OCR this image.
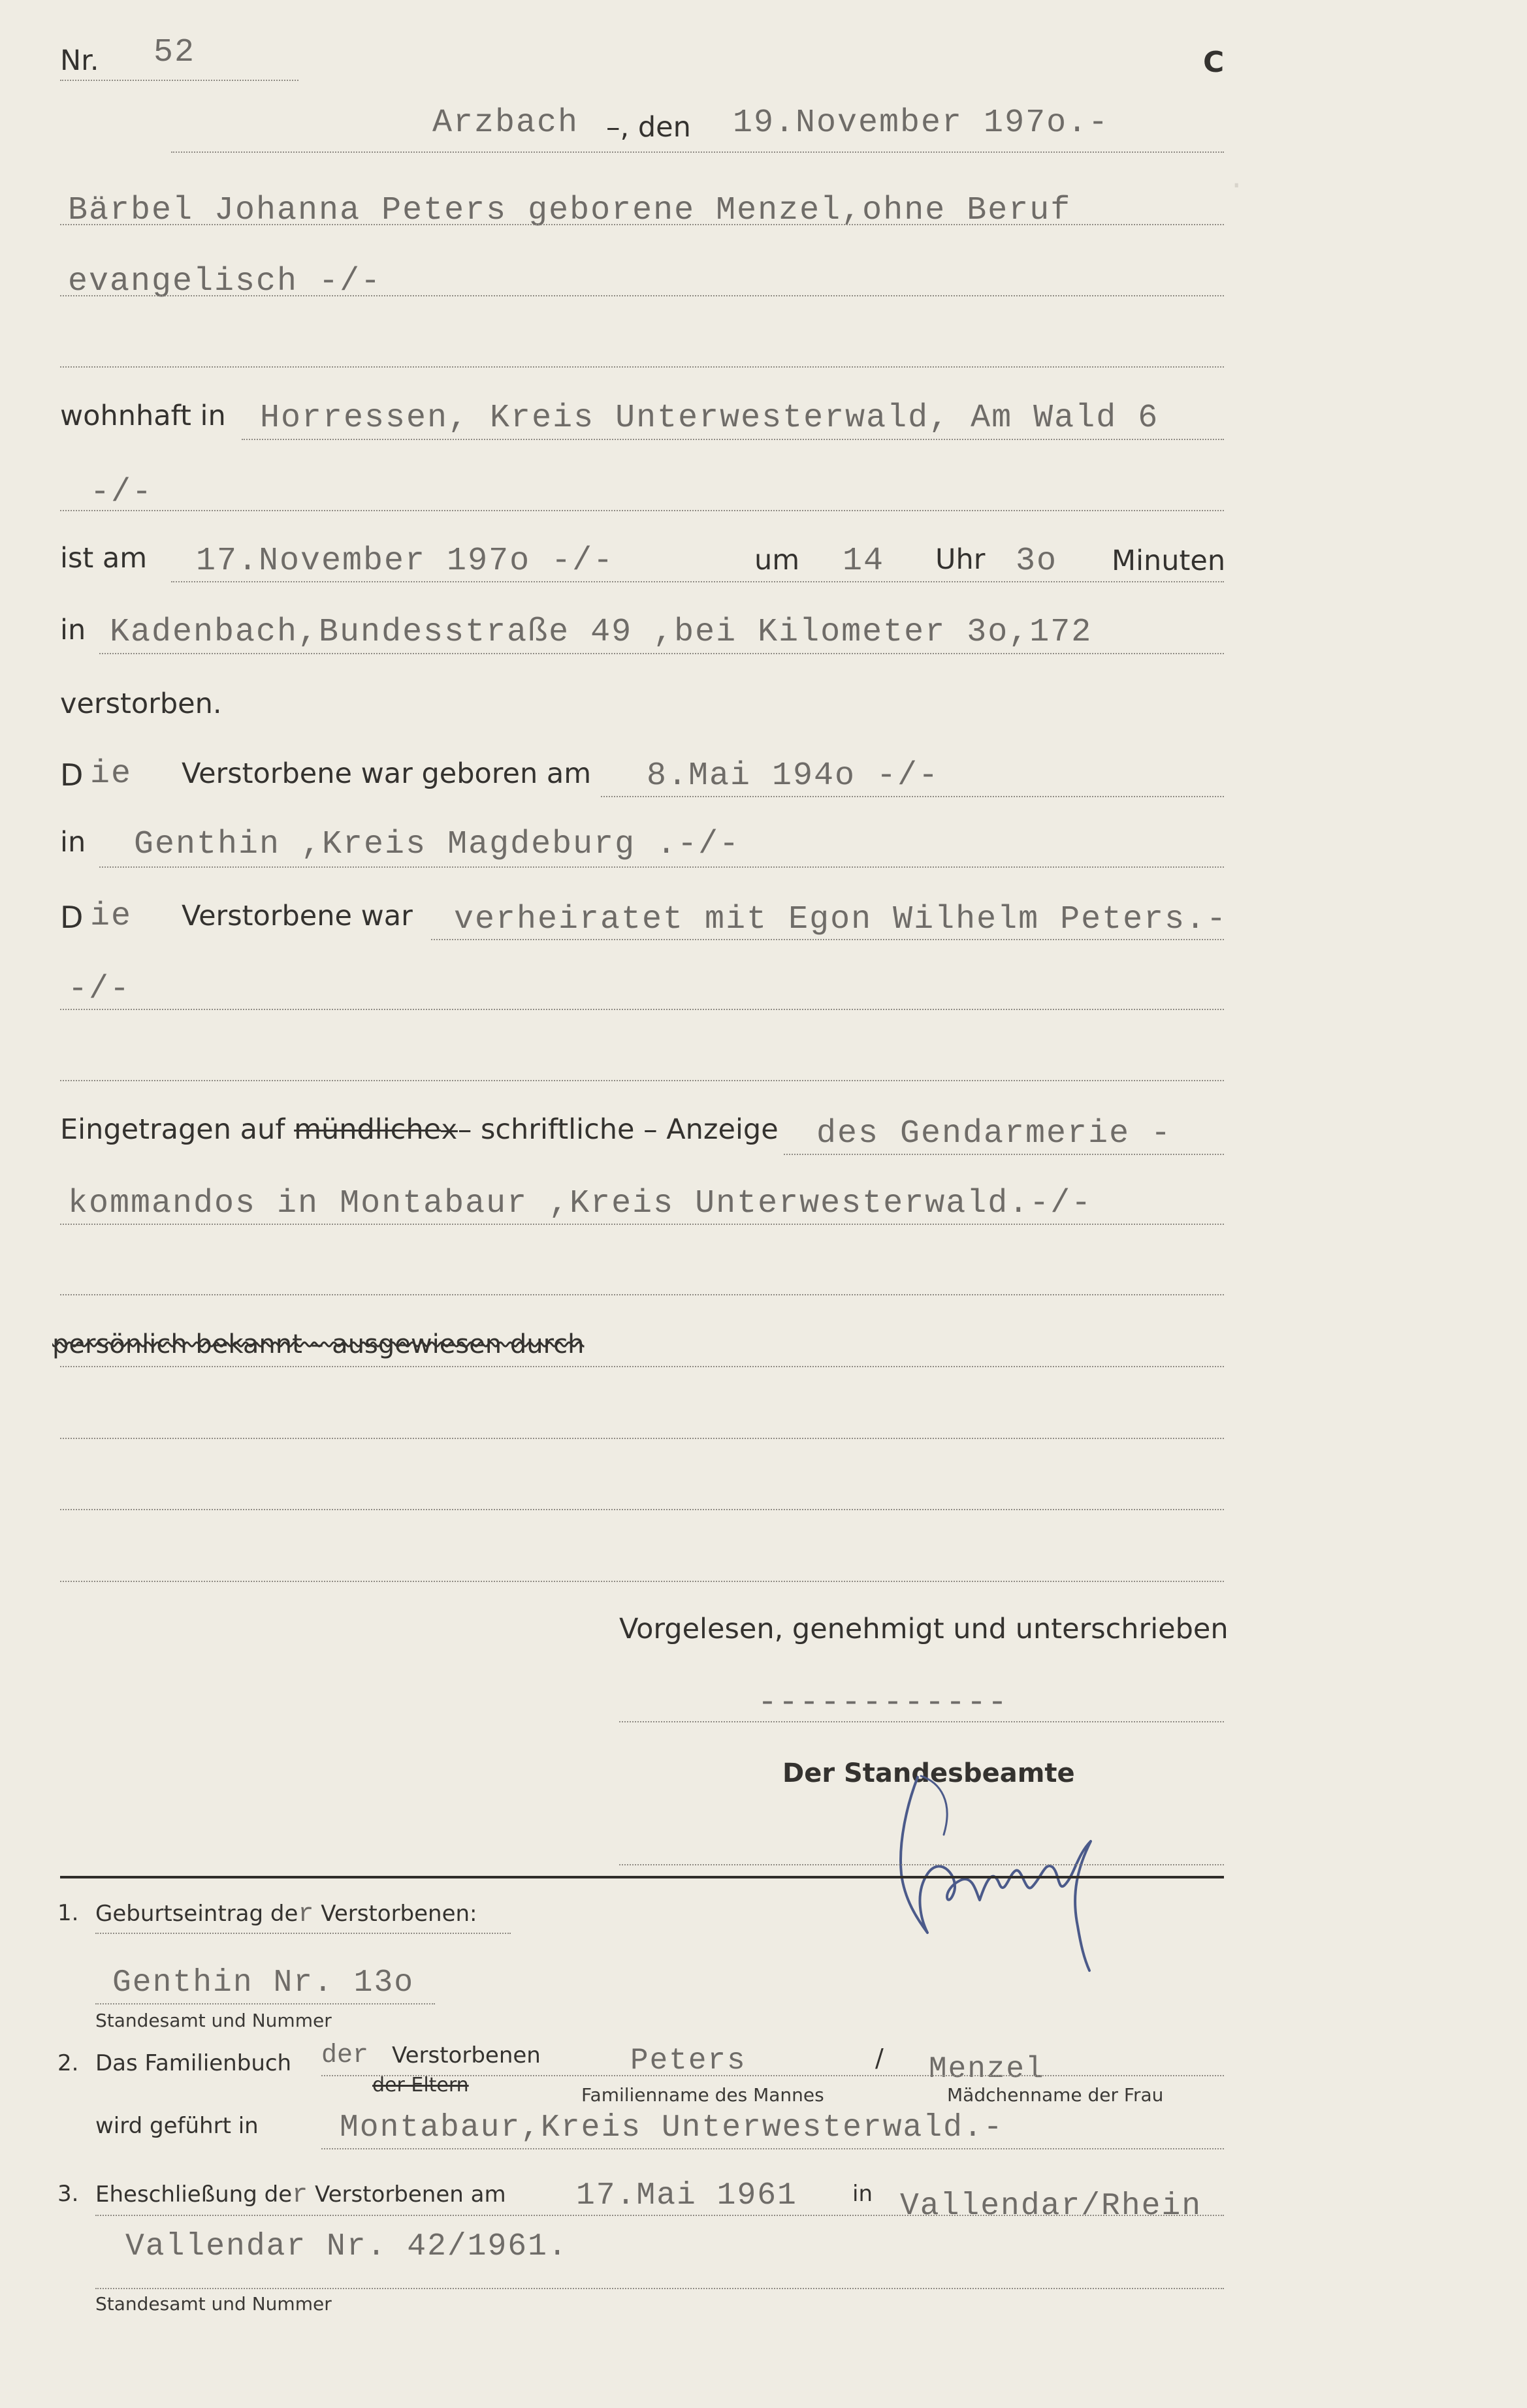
·
Nr. 52	C
Arzbach –, den 19.November 197o.-
Bärbel Johanna Peters geborene Menzel,ohne Beruf
evangelisch -/-
wohnhaft in Horressen, Kreis Unterwesterwald, Am Wald 6
-/-
ist am 17.November 197o -/-	um 14 Uhr 3o Minuten
in Kadenbach,Bundesstraße 49 ,bei Kilometer 3o,172
verstorben.
D ie Verstorbene war geboren am 8.Mai 194o -/-
in Genthin ,Kreis Magdeburg .-/-
D ie Verstorbene war verheiratet mit Egon Wilhelm Peters.-
-/-
Eingetragen auf mündlichex– schriftliche – Anzeige des Gendarmerie -
kommandos in Montabaur ,Kreis Unterwesterwald.-/-
persönlich bekannt – ausgewiesen durch
Vorgelesen, genehmigt und unterschrieben
------------
Der Standesbeamte
1. Geburtseintrag der Verstorbenen:
Genthin Nr. 13o
Standesamt und Nummer
2. Das Familienbuch der Verstorbenen
der Eltern
Peters	/ Menzel
Familienname des Mannes	Mädchenname der Frau
wird geführt in	Montabaur,Kreis Unterwesterwald.-
3. Eheschließung der Verstorbenen am 17.Mai 1961 in Vallendar/Rhein
Vallendar Nr. 42/1961.
Standesamt und Nummer
